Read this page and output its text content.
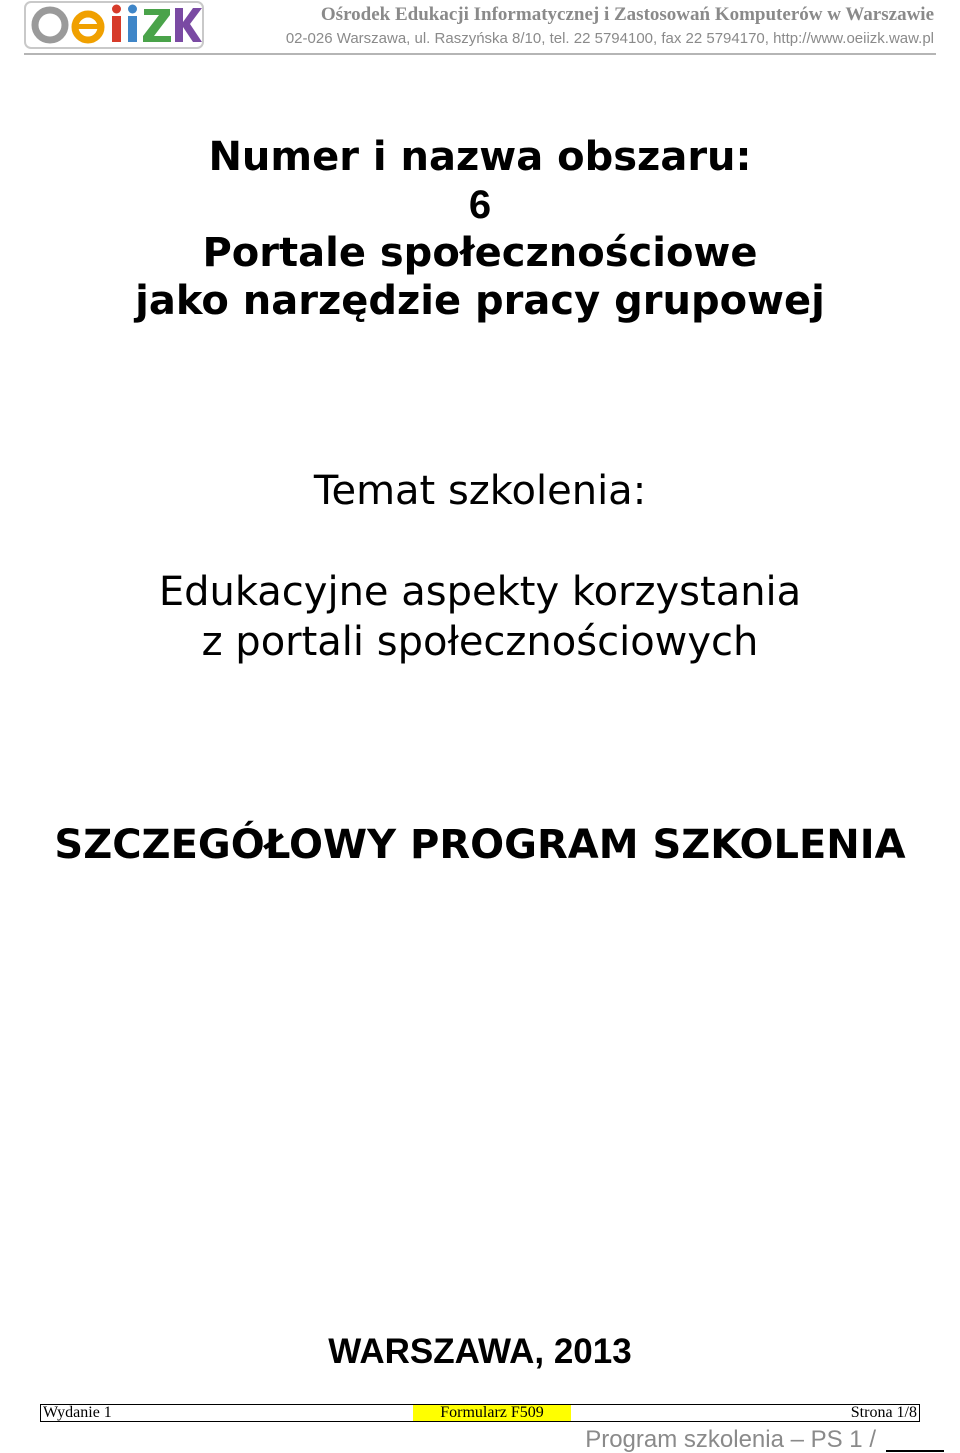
Ośrodek Edukacji Informatycznej i Zastosowań Komputerów w Warszawie
02-026 Warszawa, ul. Raszyńska 8/10, tel. 22 5794100, fax 22 5794170, http://www.oeiizk.waw.pl
Numer i nazwa obszaru:
6
Portale społecznościowe
jako narzędzie pracy grupowej
Temat szkolenia:
Edukacyjne aspekty korzystania
z portali społecznościowych
SZCZEGÓŁOWY PROGRAM SZKOLENIA
WARSZAWA, 2013
Wydanie 1	Formularz F509	Strona 1/8
Program szkolenia – PS 1 /
